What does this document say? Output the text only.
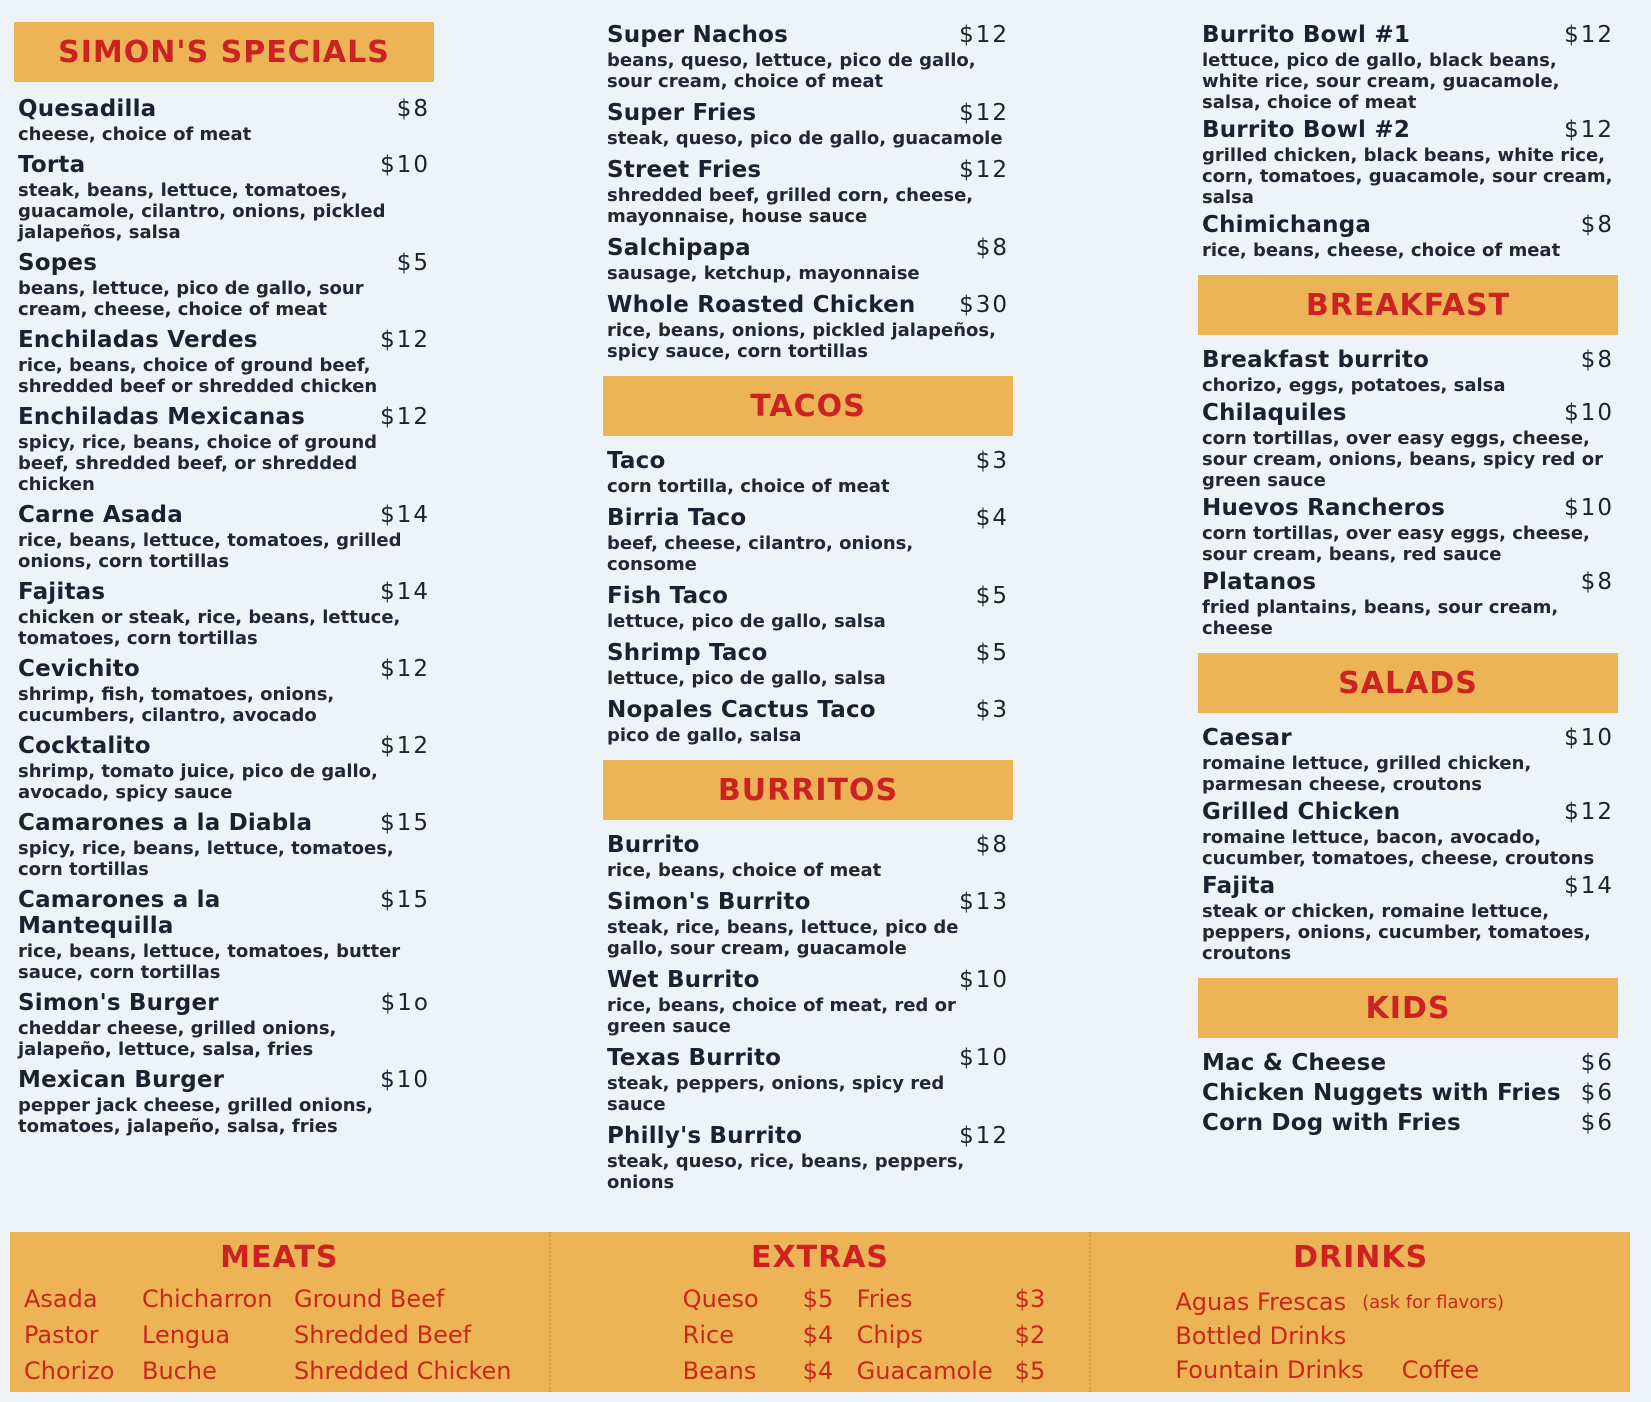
SIMON'S SPECIALS
Quesadilla	$8
cheese, choice of meat
Torta	$10
steak, beans, lettuce, tomatoes, guacamole, cilantro, onions, pickled jalapeños, salsa
Sopes	$5
beans, lettuce, pico de gallo, sour cream, cheese, choice of meat
Enchiladas Verdes	$12
rice, beans, choice of ground beef, shredded beef or shredded chicken
Enchiladas Mexicanas	$12
spicy, rice, beans, choice of ground beef, shredded beef, or shredded chicken
Carne Asada	$14
rice, beans, lettuce, tomatoes, grilled onions, corn tortillas
Fajitas	$14
chicken or steak, rice, beans, lettuce, tomatoes, corn tortillas
Cevichito	$12
shrimp, fish, tomatoes, onions, cucumbers, cilantro, avocado
Cocktalito	$12
shrimp, tomato juice, pico de gallo, avocado, spicy sauce
Camarones a la Diabla	$15
spicy, rice, beans, lettuce, tomatoes, corn tortillas
Camarones a la Mantequilla
$15
rice, beans, lettuce, tomatoes, butter sauce, corn tortillas
Simon's Burger	$1o
cheddar cheese, grilled onions, jalapeño, lettuce, salsa, fries
Mexican Burger	$10
pepper jack cheese, grilled onions, tomatoes, jalapeño, salsa, fries
Super Nachos	$12
beans, queso, lettuce, pico de gallo, sour cream, choice of meat
Super Fries	$12
steak, queso, pico de gallo, guacamole
Street Fries	$12
shredded beef, grilled corn, cheese, mayonnaise, house sauce
Salchipapa	$8
sausage, ketchup, mayonnaise
Whole Roasted Chicken $30
rice, beans, onions, pickled jalapeños, spicy sauce, corn tortillas
TACOS
Taco	$3
corn tortilla, choice of meat
Birria Taco	$4
beef, cheese, cilantro, onions, consome
Fish Taco	$5
lettuce, pico de gallo, salsa
Shrimp Taco	$5
lettuce, pico de gallo, salsa
Nopales Cactus Taco	$3
pico de gallo, salsa
BURRITOS
Burrito	$8
rice, beans, choice of meat
Simon's Burrito	$13
steak, rice, beans, lettuce, pico de gallo, sour cream, guacamole
Wet Burrito	$10
rice, beans, choice of meat, red or green sauce
Texas Burrito	$10
steak, peppers, onions, spicy red sauce
Philly's Burrito	$12
steak, queso, rice, beans, peppers, onions
Burrito Bowl #1	$12
lettuce, pico de gallo, black beans, white rice, sour cream, guacamole, salsa, choice of meat
Burrito Bowl #2	$12
grilled chicken, black beans, white rice, corn, tomatoes, guacamole, sour cream, salsa
Chimichanga	$8
rice, beans, cheese, choice of meat
BREAKFAST
Breakfast burrito	$8
chorizo, eggs, potatoes, salsa
Chilaquiles	$10
corn tortillas, over easy eggs, cheese, sour cream, onions, beans, spicy red or green sauce
Huevos Rancheros	$10
corn tortillas, over easy eggs, cheese, sour cream, beans, red sauce
Platanos	$8
fried plantains, beans, sour cream, cheese
SALADS
Caesar	$10
romaine lettuce, grilled chicken, parmesan cheese, croutons
Grilled Chicken	$12
romaine lettuce, bacon, avocado, cucumber, tomatoes, cheese, croutons
Fajita	$14
steak or chicken, romaine lettuce, peppers, onions, cucumber, tomatoes, croutons
KIDS
Mac & Cheese	$6
Chicken Nuggets with Fries $6
Corn Dog with Fries	$6
MEATS
Asada	Chicharron Ground Beef
Pastor	Lengua	Shredded Beef
Chorizo	Buche	Shredded Chicken
EXTRAS
Queso	$5 Fries	$3
Rice	$4 Chips	$2
Beans	$4 Guacamole $5
DRINKS
Aguas Frescas (ask for flavors)
Bottled Drinks
Fountain Drinks Coffee
